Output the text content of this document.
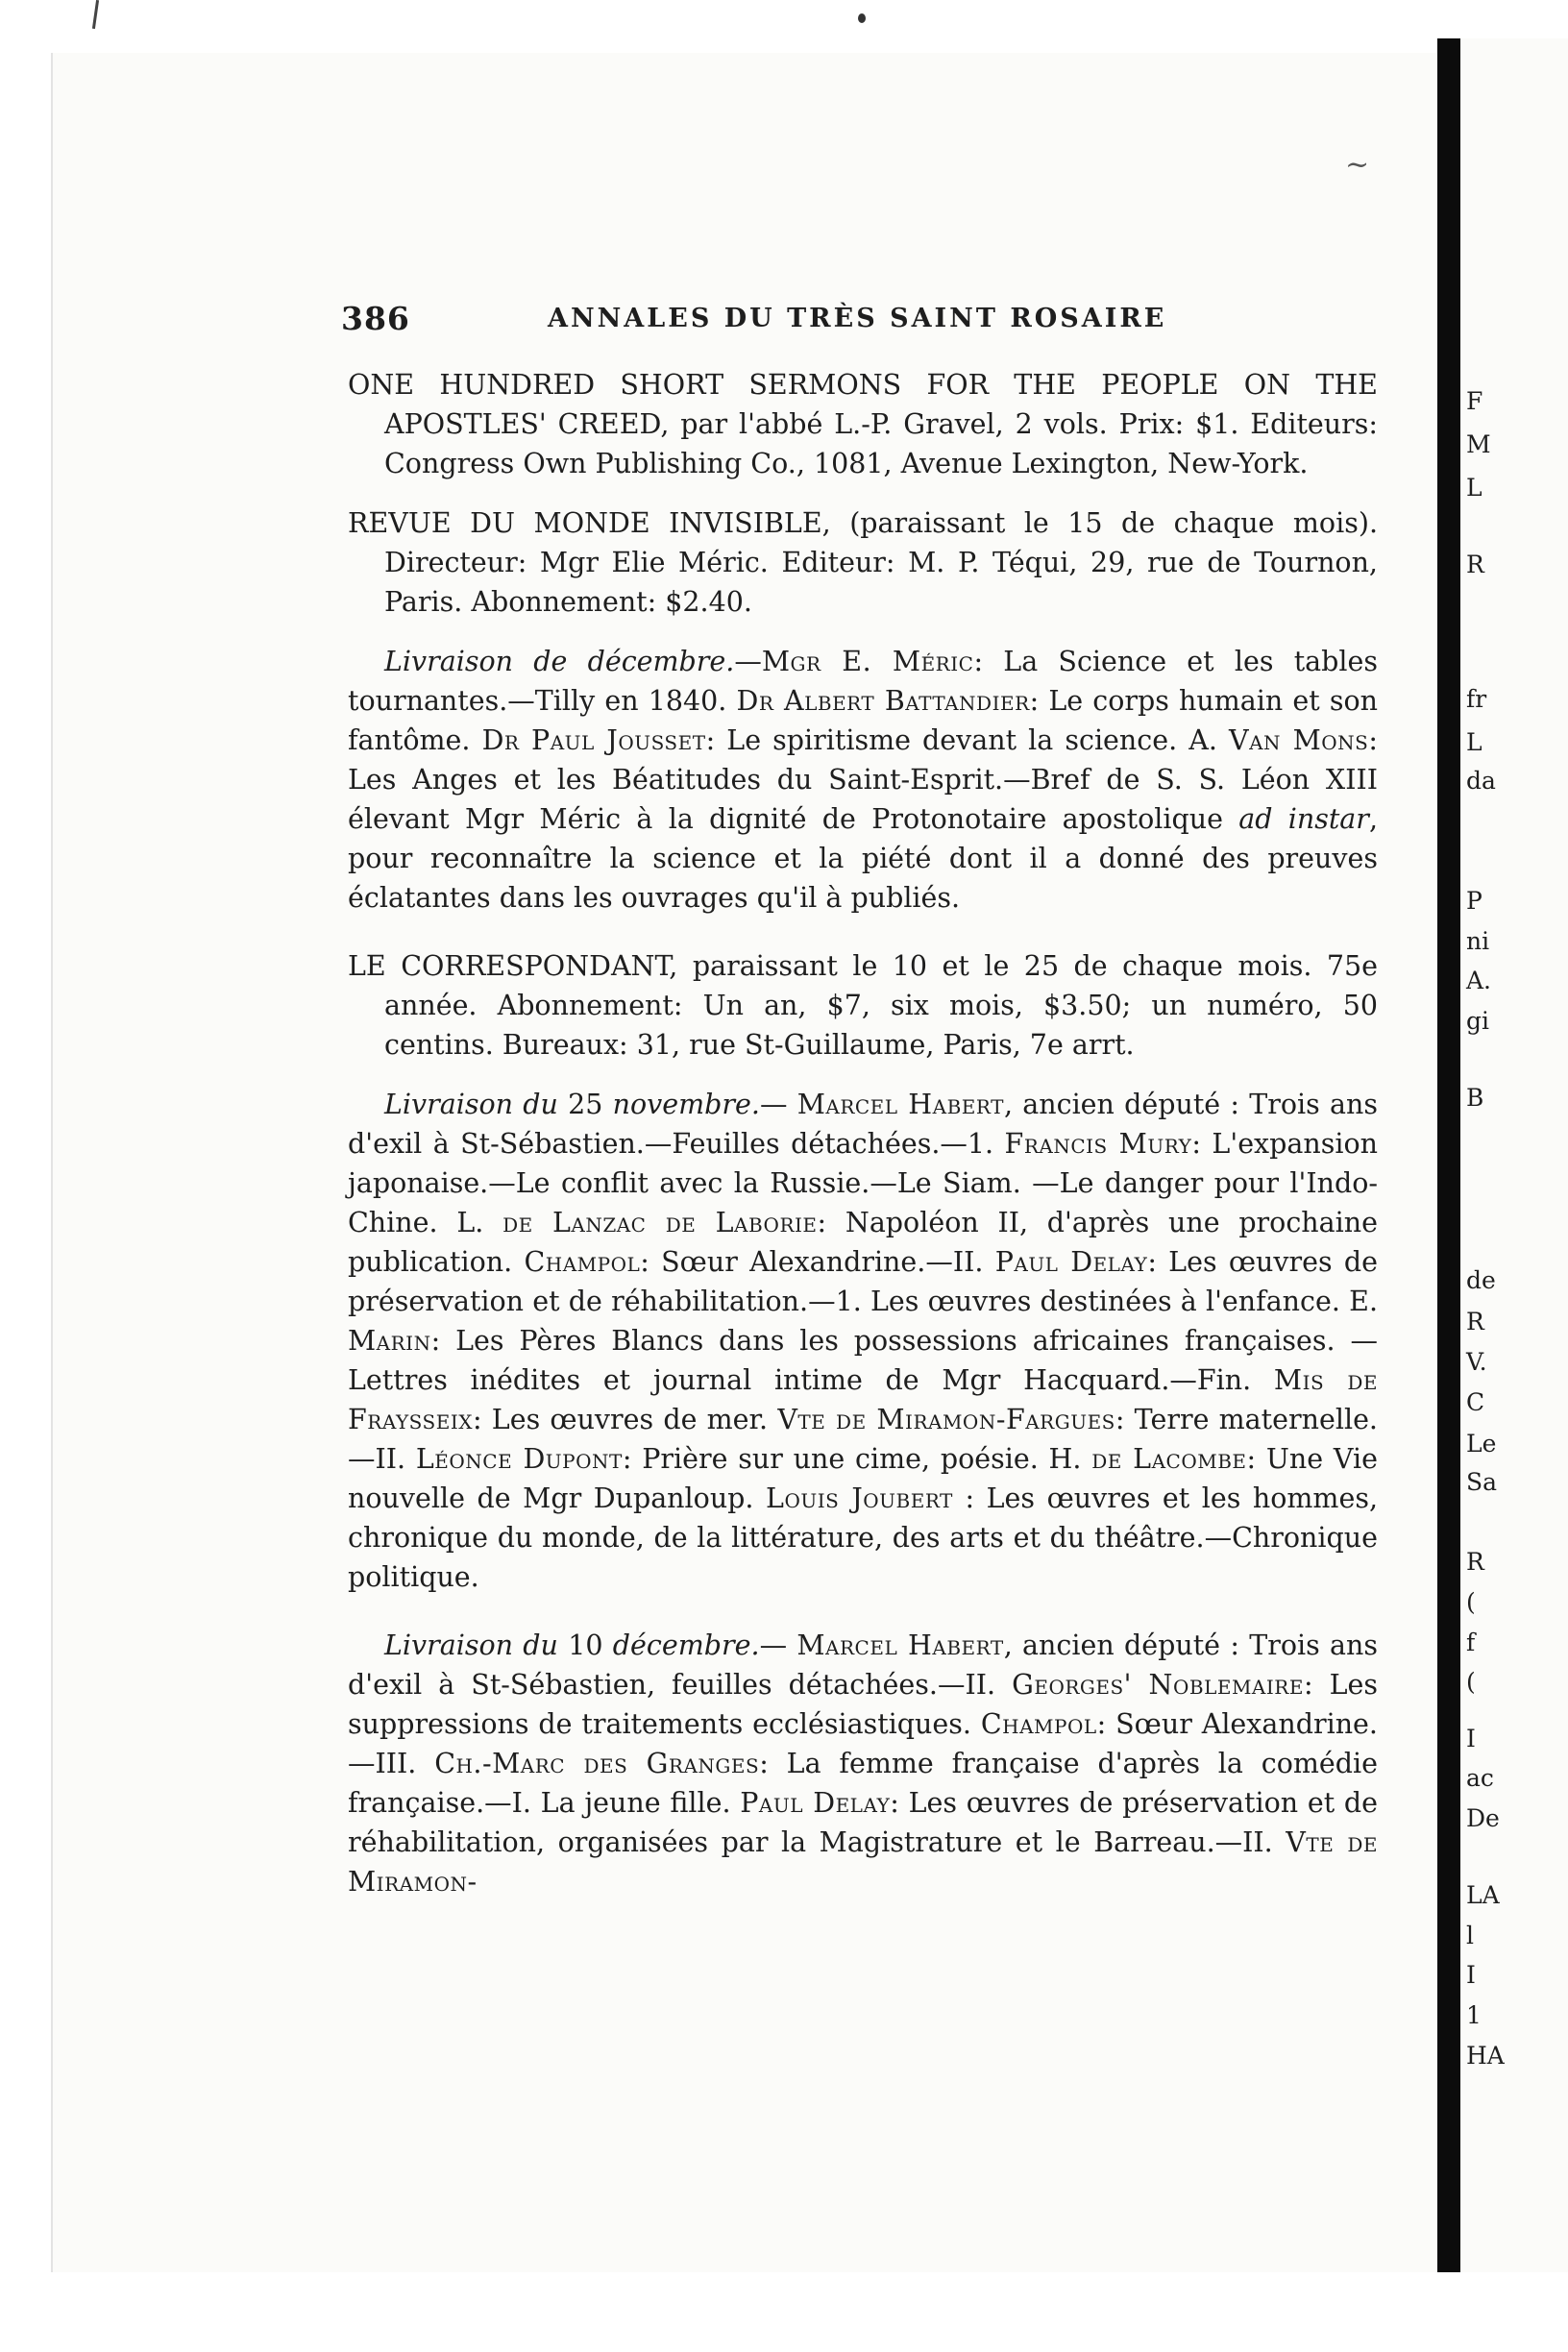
~
386	ANNALES DU TRÈS SAINT ROSAIRE

ONE HUNDRED SHORT SERMONS FOR THE PEOPLE ON THE APOSTLES' CREED, par l'abbé L.-P. Gravel, 2 vols. Prix: $1. Editeurs: Congress Own Publishing Co., 1081, Avenue Lexington, New-York.

REVUE DU MONDE INVISIBLE, (paraissant le 15 de chaque mois). Directeur: Mgr Elie Méric. Editeur: M. P. Téqui, 29, rue de Tournon, Paris. Abonnement: $2.40.

Livraison de décembre.—Mgr E. Méric: La Science et les tables tournantes.—Tilly en 1840. Dr Albert Battandier: Le corps humain et son fantôme. Dr Paul Jousset: Le spiritisme devant la science. A. Van Mons: Les Anges et les Béatitudes du Saint-Esprit.—Bref de S. S. Léon XIII élevant Mgr Méric à la dignité de Protonotaire apostolique ad instar, pour reconnaître la science et la piété dont il a donné des preuves éclatantes dans les ouvrages qu'il à publiés.

LE CORRESPONDANT, paraissant le 10 et le 25 de chaque mois. 75e année. Abonnement: Un an, $7, six mois, $3.50; un numéro, 50 centins. Bureaux: 31, rue St-Guillaume, Paris, 7e arrt.

Livraison du 25 novembre.— Marcel Habert, ancien député : Trois ans d'exil à St-Sébastien.—Feuilles détachées.—1. Francis Mury: L'expansion japonaise.—Le conflit avec la Russie.—Le Siam. —Le danger pour l'Indo-Chine. L. de Lanzac de Laborie: Napoléon II, d'après une prochaine publication. Champol: Sœur Alexandrine.—II. Paul Delay: Les œuvres de préservation et de réhabilitation.—1. Les œuvres destinées à l'enfance. E. Marin: Les Pères Blancs dans les possessions africaines françaises. — Lettres inédites et journal intime de Mgr Hacquard.—Fin. Mis de Frayssеix: Les œuvres de mer. Vte de Miramon-Fargues: Terre maternelle.—II. Léonce Dupont: Prière sur une cime, poésie. H. de Lacombe: Une Vie nouvelle de Mgr Dupanloup. Louis Joubert : Les œuvres et les hommes, chronique du monde, de la littérature, des arts et du théâtre.—Chronique politique.

Livraison du 10 décembre.— Marcel Habert, ancien député : Trois ans d'exil à St-Sébastien, feuilles détachées.—II. Georges' Noblemaire: Les suppressions de traitements ecclésiastiques. Champol: Sœur Alexandrine.—III. Ch.-Marc des Granges: La femme française d'après la comédie française.—I. La jeune fille. Paul Delay: Les œuvres de préservation et de réhabilitation, organisées par la Magistrature et le Barreau.—II. Vte de Miramon-

F
M
L
R
fr
L
da
P
ni
A.
gi
B
de
R
V.
C
Le
Sa
R
(
f
(
I
ac
De
LA
l
I
1
HA
